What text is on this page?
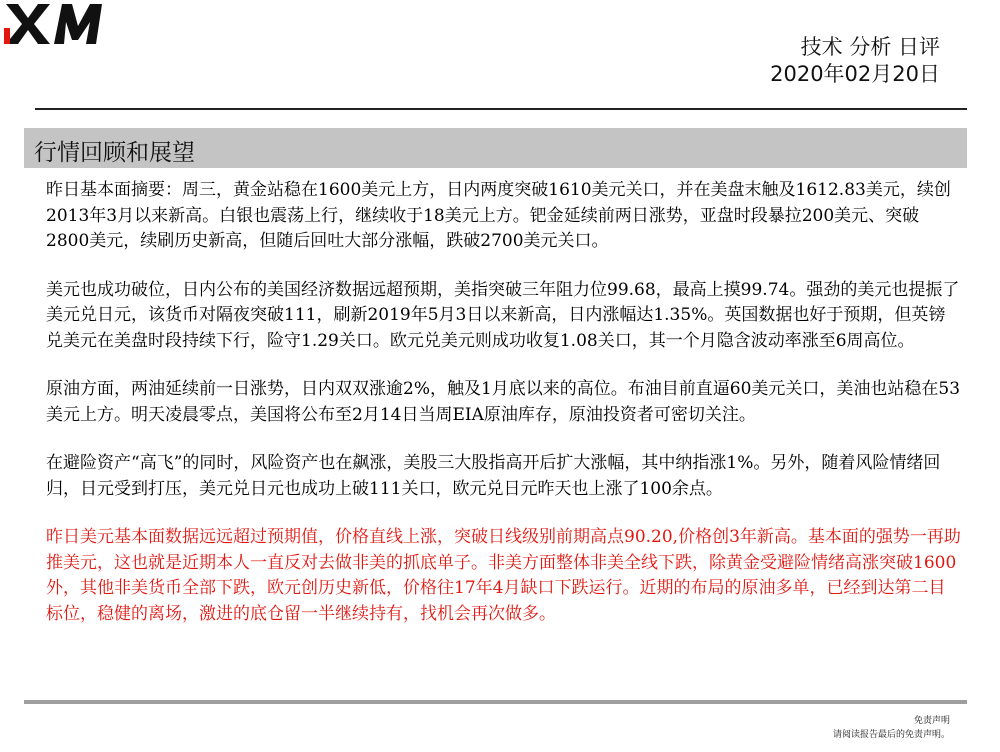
技术 分析 日评
2020年02月20日
行情回顾和展望

昨日基本面摘要：周三，黄金站稳在1600美元上方，日内两度突破1610美元关口，并在美盘末触及1612.83美元，续创2013年3月以来新高。白银也震荡上行，继续收于18美元上方。钯金延续前两日涨势，亚盘时段暴拉200美元、突破2800美元，续刷历史新高，但随后回吐大部分涨幅，跌破2700美元关口。

美元也成功破位，日内公布的美国经济数据远超预期，美指突破三年阻力位99.68，最高上摸99.74。强劲的美元也提振了美元兑日元，该货币对隔夜突破111，刷新2019年5月3日以来新高，日内涨幅达1.35%。英国数据也好于预期，但英镑兑美元在美盘时段持续下行，险守1.29关口。欧元兑美元则成功收复1.08关口，其一个月隐含波动率涨至6周高位。

原油方面，两油延续前一日涨势，日内双双涨逾2%，触及1月底以来的高位。布油目前直逼60美元关口，美油也站稳在53美元上方。明天凌晨零点，美国将公布至2月14日当周EIA原油库存，原油投资者可密切关注。

在避险资产“高飞”的同时，风险资产也在飙涨，美股三大股指高开后扩大涨幅，其中纳指涨1%。另外，随着风险情绪回归，日元受到打压，美元兑日元也成功上破111关口，欧元兑日元昨天也上涨了100余点。

昨日美元基本面数据远远超过预期值，价格直线上涨，突破日线级别前期高点90.20,价格创3年新高。基本面的强势一再助推美元，这也就是近期本人一直反对去做非美的抓底单子。非美方面整体非美全线下跌，除黄金受避险情绪高涨突破1600外，其他非美货币全部下跌，欧元创历史新低，价格往17年4月缺口下跌运行。近期的布局的原油多单，已经到达第二目标位，稳健的离场，激进的底仓留一半继续持有，找机会再次做多。

免责声明
请阅读报告最后的免责声明。
